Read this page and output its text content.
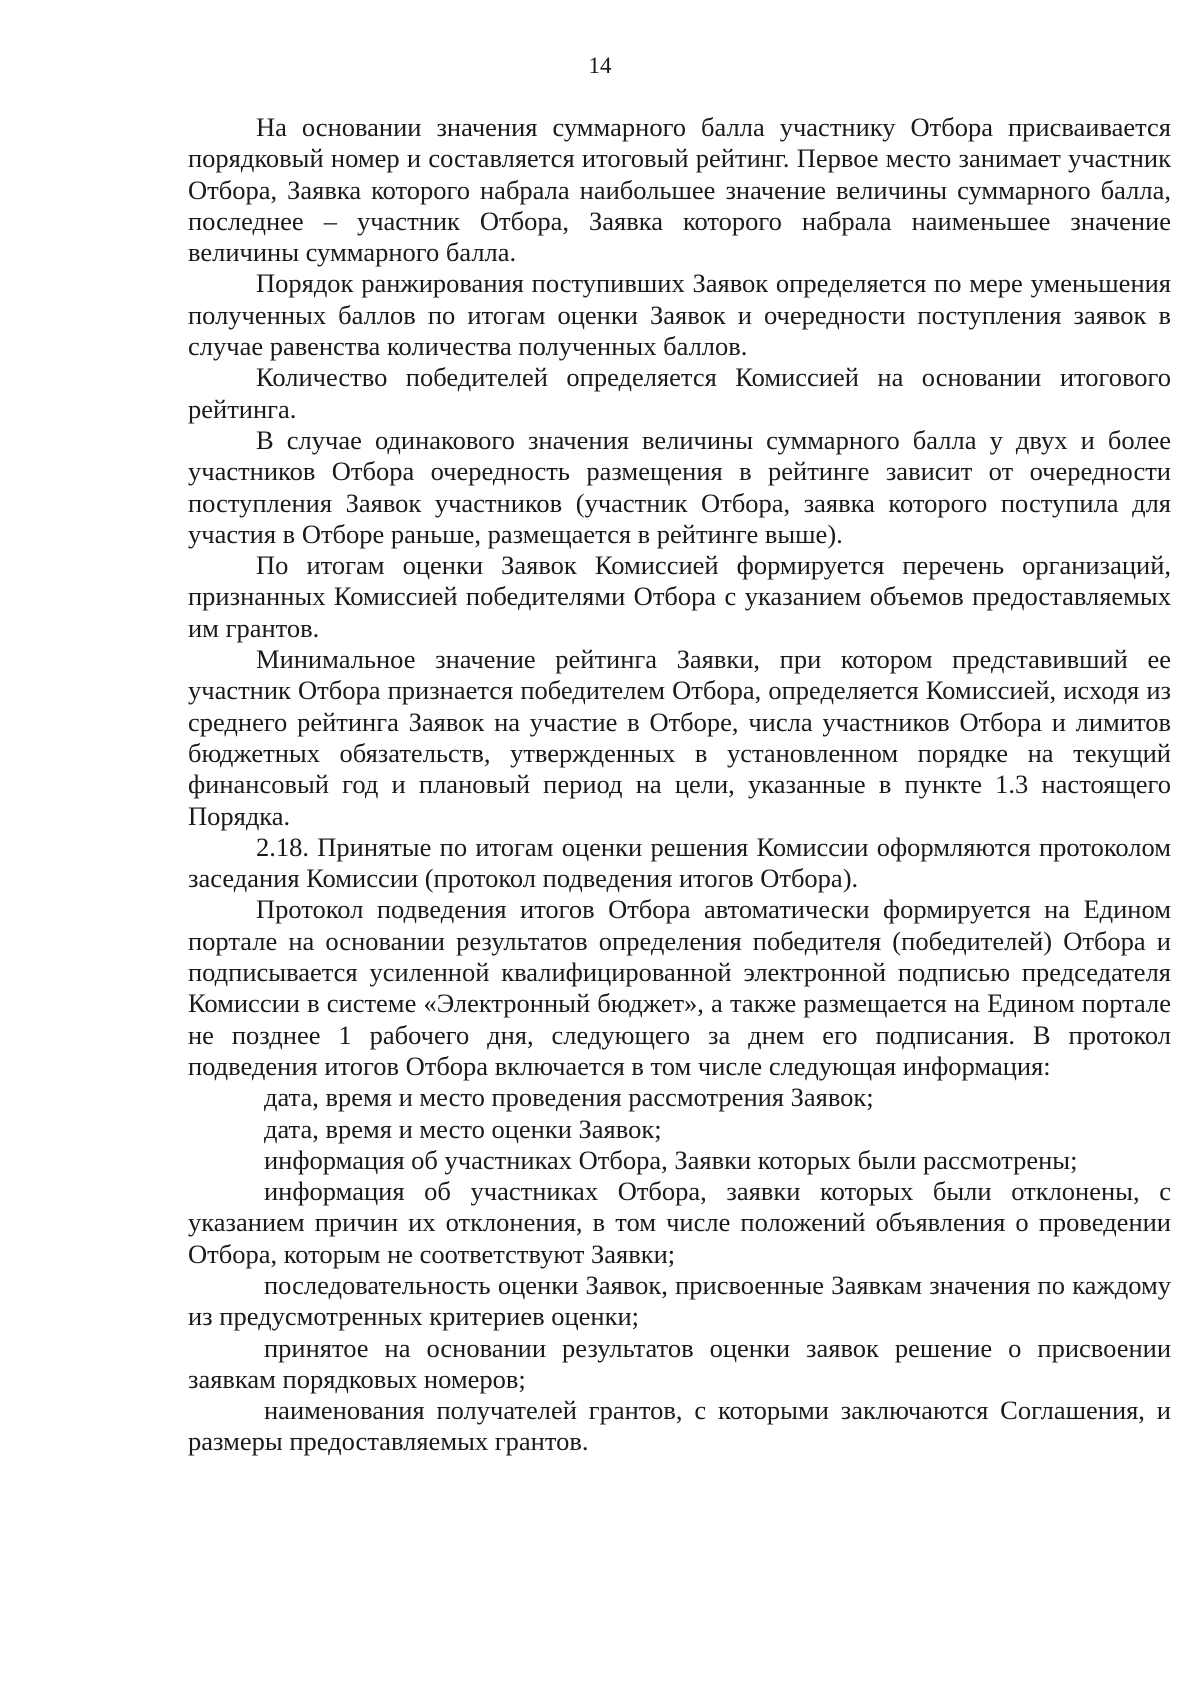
14

На основании значения суммарного балла участнику Отбора присваивается порядковый номер и составляется итоговый рейтинг. Первое место занимает участник Отбора, Заявка которого набрала наибольшее значение величины суммарного балла, последнее – участник Отбора, Заявка которого набрала наименьшее значение величины суммарного балла.

Порядок ранжирования поступивших Заявок определяется по мере уменьшения полученных баллов по итогам оценки Заявок и очередности поступления заявок в случае равенства количества полученных баллов.

Количество победителей определяется Комиссией на основании итогового рейтинга.

В случае одинакового значения величины суммарного балла у двух и более участников Отбора очередность размещения в рейтинге зависит от очередности поступления Заявок участников (участник Отбора, заявка которого поступила для участия в Отборе раньше, размещается в рейтинге выше).

По итогам оценки Заявок Комиссией формируется перечень организаций, признанных Комиссией победителями Отбора с указанием объемов предоставляемых им грантов.

Минимальное значение рейтинга Заявки, при котором представивший ее участник Отбора признается победителем Отбора, определяется Комиссией, исходя из среднего рейтинга Заявок на участие в Отборе, числа участников Отбора и лимитов бюджетных обязательств, утвержденных в установленном порядке на текущий финансовый год и плановый период на цели, указанные в пункте 1.3 настоящего Порядка.

2.18. Принятые по итогам оценки решения Комиссии оформляются протоколом заседания Комиссии (протокол подведения итогов Отбора).

Протокол подведения итогов Отбора автоматически формируется на Едином портале на основании результатов определения победителя (победителей) Отбора и подписывается усиленной квалифицированной электронной подписью председателя Комиссии в системе «Электронный бюджет», а также размещается на Едином портале не позднее 1 рабочего дня, следующего за днем его подписания. В протокол подведения итогов Отбора включается в том числе следующая информация:

дата, время и место проведения рассмотрения Заявок;

дата, время и место оценки Заявок;

информация об участниках Отбора, Заявки которых были рассмотрены;

информация об участниках Отбора, заявки которых были отклонены, с указанием причин их отклонения, в том числе положений объявления о проведении Отбора, которым не соответствуют Заявки;

последовательность оценки Заявок, присвоенные Заявкам значения по каждому из предусмотренных критериев оценки;

принятое на основании результатов оценки заявок решение о присвоении заявкам порядковых номеров;

наименования получателей грантов, с которыми заключаются Соглашения, и размеры предоставляемых грантов.
